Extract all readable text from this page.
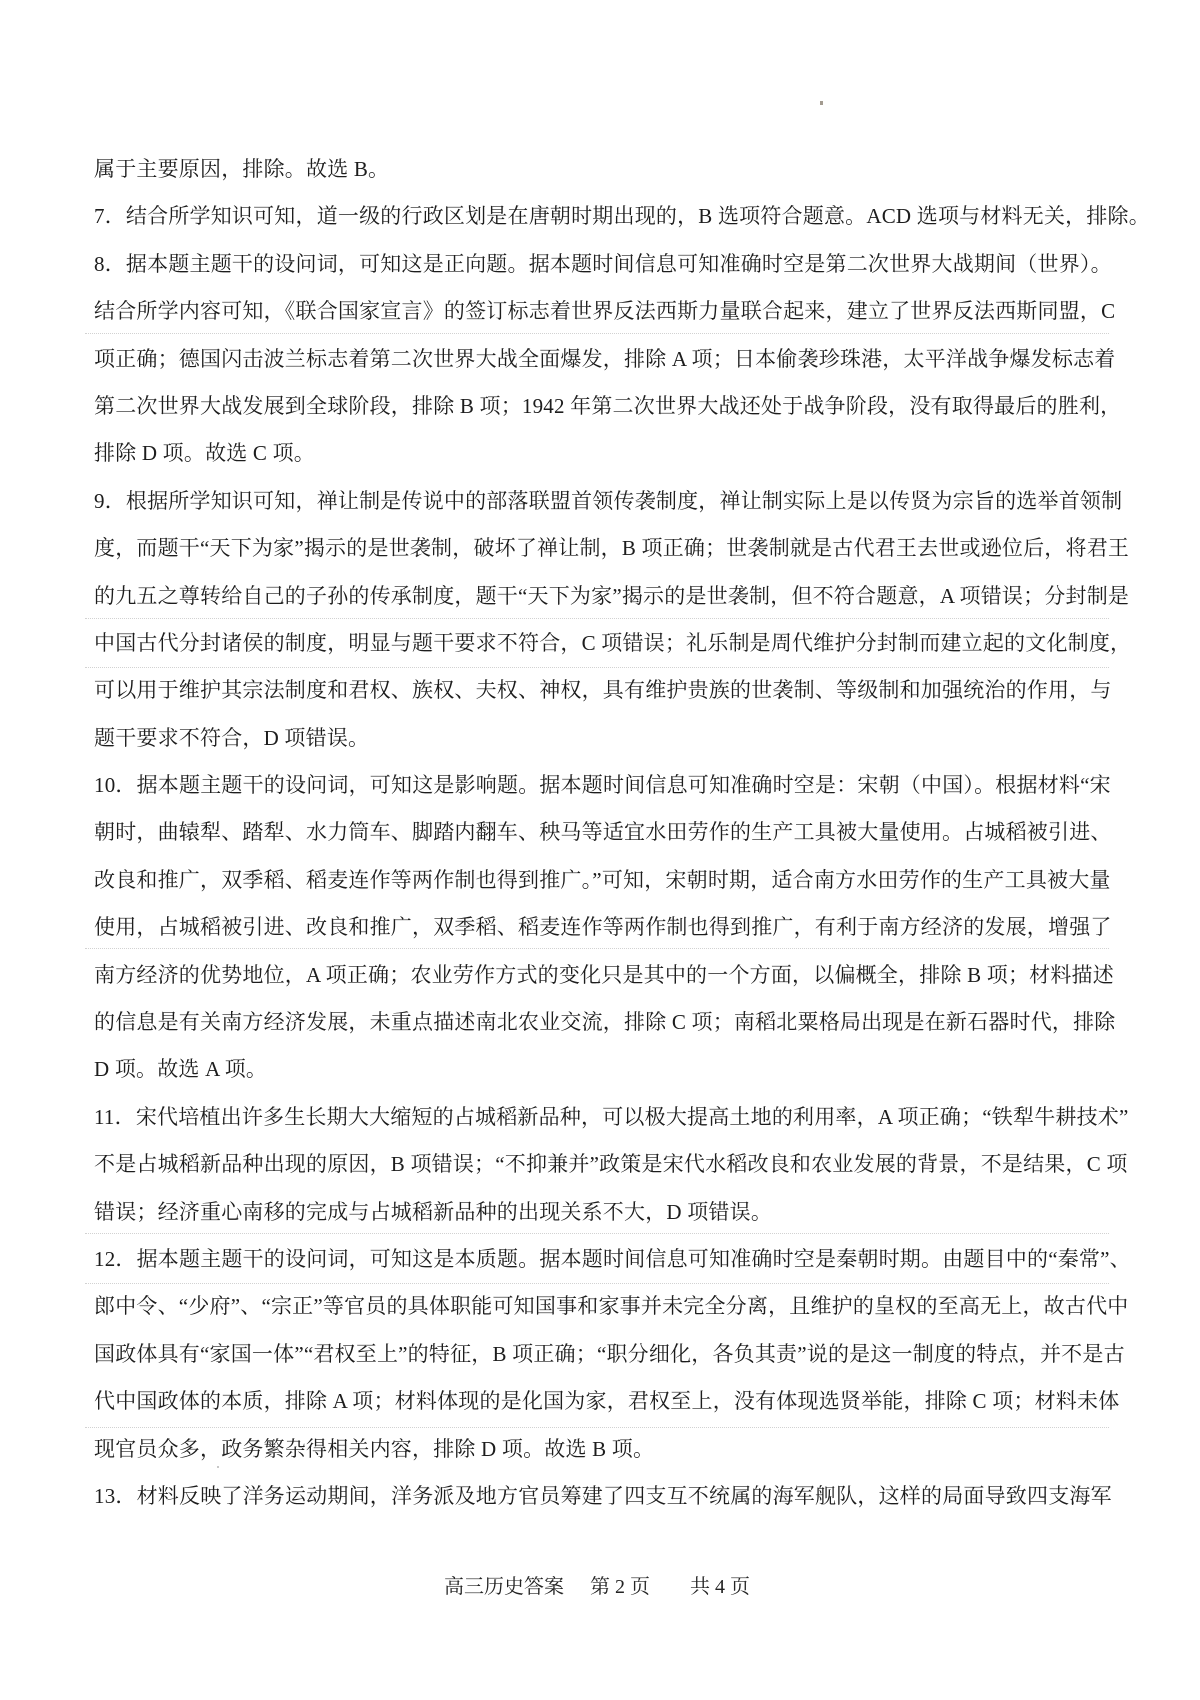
属于主要原因，排除。故选 B。
7．结合所学知识可知，道一级的行政区划是在唐朝时期出现的，B 选项符合题意。ACD 选项与材料无关，排除。
8．据本题主题干的设问词，可知这是正向题。据本题时间信息可知准确时空是第二次世界大战期间（世界）。
结合所学内容可知，《联合国家宣言》的签订标志着世界反法西斯力量联合起来，建立了世界反法西斯同盟，C
项正确；德国闪击波兰标志着第二次世界大战全面爆发，排除 A 项；日本偷袭珍珠港，太平洋战争爆发标志着
第二次世界大战发展到全球阶段，排除 B 项；1942 年第二次世界大战还处于战争阶段，没有取得最后的胜利，
排除 D 项。故选 C 项。
9．根据所学知识可知，禅让制是传说中的部落联盟首领传袭制度，禅让制实际上是以传贤为宗旨的选举首领制
度，而题干“天下为家”揭示的是世袭制，破坏了禅让制，B 项正确；世袭制就是古代君王去世或逊位后，将君王
的九五之尊转给自己的子孙的传承制度，题干“天下为家”揭示的是世袭制，但不符合题意，A 项错误；分封制是
中国古代分封诸侯的制度，明显与题干要求不符合，C 项错误；礼乐制是周代维护分封制而建立起的文化制度，
可以用于维护其宗法制度和君权、族权、夫权、神权，具有维护贵族的世袭制、等级制和加强统治的作用，与
题干要求不符合，D 项错误。
10．据本题主题干的设问词，可知这是影响题。据本题时间信息可知准确时空是：宋朝（中国）。根据材料“宋
朝时，曲辕犁、踏犁、水力筒车、脚踏内翻车、秧马等适宜水田劳作的生产工具被大量使用。占城稻被引进、
改良和推广，双季稻、稻麦连作等两作制也得到推广。”可知，宋朝时期，适合南方水田劳作的生产工具被大量
使用，占城稻被引进、改良和推广，双季稻、稻麦连作等两作制也得到推广，有利于南方经济的发展，增强了
南方经济的优势地位，A 项正确；农业劳作方式的变化只是其中的一个方面，以偏概全，排除 B 项；材料描述
的信息是有关南方经济发展，未重点描述南北农业交流，排除 C 项；南稻北粟格局出现是在新石器时代，排除
D 项。故选 A 项。
11．宋代培植出许多生长期大大缩短的占城稻新品种，可以极大提高土地的利用率，A 项正确；“铁犁牛耕技术”
不是占城稻新品种出现的原因，B 项错误；“不抑兼并”政策是宋代水稻改良和农业发展的背景，不是结果，C 项
错误；经济重心南移的完成与占城稻新品种的出现关系不大，D 项错误。
12．据本题主题干的设问词，可知这是本质题。据本题时间信息可知准确时空是秦朝时期。由题目中的“秦常”、
郎中令、“少府”、“宗正”等官员的具体职能可知国事和家事并未完全分离，且维护的皇权的至高无上，故古代中
国政体具有“家国一体”“君权至上”的特征，B 项正确；“职分细化，各负其责”说的是这一制度的特点，并不是古
代中国政体的本质，排除 A 项；材料体现的是化国为家，君权至上，没有体现选贤举能，排除 C 项；材料未体
现官员众多，政务繁杂得相关内容，排除 D 项。故选 B 项。
13．材料反映了洋务运动期间，洋务派及地方官员筹建了四支互不统属的海军舰队，这样的局面导致四支海军
高三历史答案 第 2 页 共 4 页
